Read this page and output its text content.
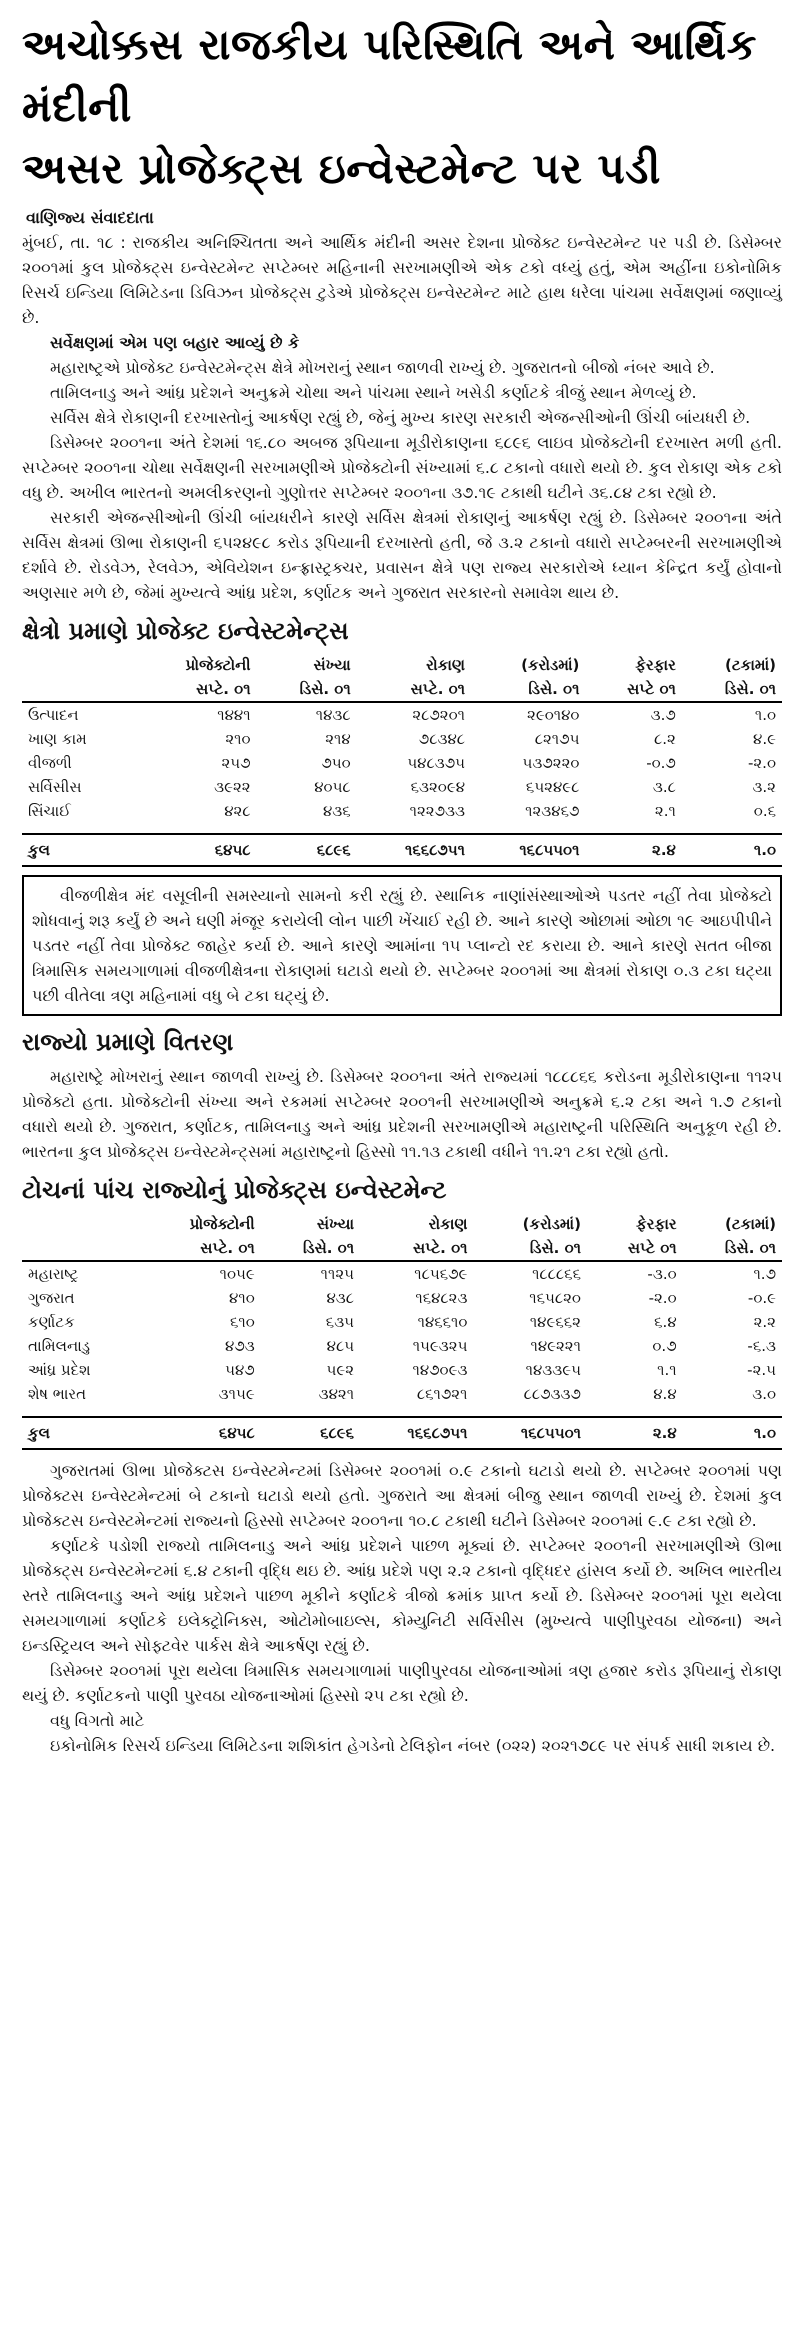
અચોક્કસ રાજકીય પરિસ્થિતિ અને આર્થિક મંદીની
અસર પ્રોજેક્ટ્સ ઇન્વેસ્ટમેન્ટ પર પડી
વાણિજ્ય સંવાદદાતા

મુંબઈ, તા. ૧૮ : રાજકીય અનિશ્ચિતતા અને આર્થિક મંદીની અસર દેશના પ્રોજેક્ટ ઇન્વેસ્ટમેન્ટ પર પડી છે. ડિસેમ્બર ૨૦૦૧માં કુલ પ્રોજેક્ટ્સ ઇન્વેસ્ટમેન્ટ સપ્ટેમ્બર મહિનાની સરખામણીએ એક ટકો વધ્યું હતું, એમ અહીંના ઇકોનોમિક રિસર્ચ ઇન્ડિયા લિમિટેડના ડિવિઝન પ્રોજેક્ટ્સ ટુડેએ પ્રોજેક્ટ્સ ઇન્વેસ્ટમેન્ટ માટે હાથ ધરેલા પાંચમા સર્વેક્ષણમાં જણાવ્યું છે.

સર્વેક્ષણમાં એમ પણ બહાર આવ્યું છે કે

મહારાષ્ટ્રએ પ્રોજેક્ટ ઇન્વેસ્ટમેન્ટ્સ ક્ષેત્રે મોખરાનું સ્થાન જાળવી રાખ્યું છે. ગુજરાતનો બીજો નંબર આવે છે.

તામિલનાડુ અને આંધ્ર પ્રદેશને અનુક્રમે ચોથા અને પાંચમા સ્થાને ખસેડી કર્ણાટકે ત્રીજું સ્થાન મેળવ્યું છે.

સર્વિસ ક્ષેત્રે રોકાણની દરખાસ્તોનું આકર્ષણ રહ્યું છે, જેનું મુખ્ય કારણ સરકારી એજન્સીઓની ઊંચી બાંયધરી છે.

ડિસેમ્બર ૨૦૦૧ના અંતે દેશમાં ૧૬.૮૦ અબજ રૂપિયાના મૂડીરોકાણના ૬૮૯૬ લાઇવ પ્રોજેક્ટોની દરખાસ્ત મળી હતી. સપ્ટેમ્બર ૨૦૦૧ના ચોથા સર્વેક્ષણની સરખામણીએ પ્રોજેક્ટોની સંખ્યામાં ૬.૮ ટકાનો વધારો થયો છે. કુલ રોકાણ એક ટકો વધુ છે. અખીલ ભારતનો અમલીકરણનો ગુણોત્તર સપ્ટેમ્બર ૨૦૦૧ના ૩૭.૧૯ ટકાથી ઘટીને ૩૬.૮૪ ટકા રહ્યો છે.

સરકારી એજન્સીઓની ઊંચી બાંયધરીને કારણે સર્વિસ ક્ષેત્રમાં રોકાણનું આકર્ષણ રહ્યું છે. ડિસેમ્બર ૨૦૦૧ના અંતે સર્વિસ ક્ષેત્રમાં ઊભા રોકાણની ૬૫૨૪૯૮ કરોડ રૂપિયાની દરખાસ્તો હતી, જે ૩.૨ ટકાનો વધારો સપ્ટેમ્બરની સરખામણીએ દર્શાવે છે. રોડવેઝ, રેલવેઝ, એવિયેશન ઇન્ફ્રાસ્ટ્રક્ચર, પ્રવાસન ક્ષેત્રે પણ રાજ્ય સરકારોએ ધ્યાન કેન્દ્રિત કર્યું હોવાનો અણસાર મળે છે, જેમાં મુખ્યત્વે આંધ્ર પ્રદેશ, કર્ણાટક અને ગુજરાત સરકારનો સમાવેશ થાય છે.

ક્ષેત્રો પ્રમાણે પ્રોજેક્ટ ઇન્વેસ્ટમેન્ટ્સ
	પ્રોજેક્ટોની	સંખ્યા	રોકાણ	(કરોડમાં)	ફેરફાર	(ટકામાં)
	સપ્ટે. ૦૧	ડિસે. ૦૧	સપ્ટે. ૦૧	ડિસે. ૦૧	સપ્ટે ૦૧	ડિસે. ૦૧
ઉત્પાદન	૧૪૪૧	૧૪૩૮	૨૮૭૨૦૧	૨૯૦૧૪૦	૩.૭	૧.૦
ખાણ કામ	૨૧૦	૨૧૪	૭૮૩૪૮	૮૨૧૭૫	૮.૨	૪.૯
વીજળી	૨૫૭	૭૫૦	૫૪૮૩૭૫	૫૩૭૨૨૦	-૦.૭	-૨.૦
સર્વિસીસ	૩૯૨૨	૪૦૫૮	૬૩૨૦૯૪	૬૫૨૪૯૮	૩.૮	૩.૨
સિંચાઈ	૪૨૮	૪૩૬	૧૨૨૭૩૩	૧૨૩૪૬૭	૨.૧	૦.૬

કુલ	૬૪૫૮	૬૮૯૬	૧૬૬૮૭૫૧	૧૬૮૫૫૦૧	૨.૪	૧.૦

વીજળીક્ષેત્ર મંદ વસૂલીની સમસ્યાનો સામનો કરી રહ્યું છે. સ્થાનિક નાણાંસંસ્થાઓએ પડતર નહીં તેવા પ્રોજેક્ટો શોધવાનું શરૂ કર્યું છે અને ઘણી મંજૂર કરાયેલી લોન પાછી ખેંચાઈ રહી છે. આને કારણે ઓછામાં ઓછા ૧૯ આઇપીપીને પડતર નહીં તેવા પ્રોજેક્ટ જાહેર કર્યા છે. આને કારણે આમાંના ૧૫ પ્લાન્ટો રદ કરાયા છે. આને કારણે સતત બીજા ત્રિમાસિક સમયગાળામાં વીજળીક્ષેત્રના રોકાણમાં ઘટાડો થયો છે. સપ્ટેમ્બર ૨૦૦૧માં આ ક્ષેત્રમાં રોકાણ ૦.૩ ટકા ઘટ્યા પછી વીતેલા ત્રણ મહિનામાં વધુ બે ટકા ઘટ્યું છે.

રાજ્યો પ્રમાણે વિતરણ

મહારાષ્ટ્રે મોખરાનું સ્થાન જાળવી રાખ્યું છે. ડિસેમ્બર ૨૦૦૧ના અંતે રાજ્યમાં ૧૮૮૮૬૬ કરોડના મૂડીરોકાણના ૧૧૨૫ પ્રોજેક્ટો હતા. પ્રોજેક્ટોની સંખ્યા અને રકમમાં સપ્ટેમ્બર ૨૦૦૧ની સરખામણીએ અનુક્રમે ૬.૨ ટકા અને ૧.૭ ટકાનો વધારો થયો છે. ગુજરાત, કર્ણાટક, તામિલનાડુ અને આંધ્ર પ્રદેશની સરખામણીએ મહારાષ્ટ્રની પરિસ્થિતિ અનુકૂળ રહી છે. ભારતના કુલ પ્રોજેક્ટ્સ ઇન્વેસ્ટમેન્ટ્સમાં મહારાષ્ટ્રનો હિસ્સો ૧૧.૧૩ ટકાથી વધીને ૧૧.૨૧ ટકા રહ્યો હતો.

ટોચનાં પાંચ રાજ્યોનું પ્રોજેક્ટ્સ ઇન્વેસ્ટમેન્ટ
	પ્રોજેક્ટોની	સંખ્યા	રોકાણ	(કરોડમાં)	ફેરફાર	(ટકામાં)
	સપ્ટે. ૦૧	ડિસે. ૦૧	સપ્ટે. ૦૧	ડિસે. ૦૧	સપ્ટે ૦૧	ડિસે. ૦૧
મહારાષ્ટ્ર	૧૦૫૯	૧૧૨૫	૧૮૫૬૭૯	૧૮૮૮૬૬	-૩.૦	૧.૭
ગુજરાત	૪૧૦	૪૩૮	૧૬૪૮૨૩	૧૬૫૮૨૦	-૨.૦	-૦.૯
કર્ણાટક	૬૧૦	૬૩૫	૧૪૬૬૧૦	૧૪૯૬૬૨	૬.૪	૨.૨
તામિલનાડુ	૪૭૩	૪૮૫	૧૫૯૩૨૫	૧૪૯૨૨૧	૦.૭	-૬.૩
આંધ્ર પ્રદેશ	૫૪૭	૫૯૨	૧૪૭૦૯૩	૧૪૩૩૯૫	૧.૧	-૨.૫
શેષ ભારત	૩૧૫૯	૩૪૨૧	૮૬૧૭૨૧	૮૮૭૩૩૭	૪.૪	૩.૦

કુલ	૬૪૫૮	૬૮૯૬	૧૬૬૮૭૫૧	૧૬૮૫૫૦૧	૨.૪	૧.૦

ગુજરાતમાં ઊભા પ્રોજેક્ટસ ઇન્વેસ્ટમેન્ટમાં ડિસેમ્બર ૨૦૦૧માં ૦.૯ ટકાનો ઘટાડો થયો છે. સપ્ટેમ્બર ૨૦૦૧માં પણ પ્રોજેક્ટસ ઇન્વેસ્ટમેન્ટમાં બે ટકાનો ઘટાડો થયો હતો. ગુજરાતે આ ક્ષેત્રમાં બીજુ સ્થાન જાળવી રાખ્યું છે. દેશમાં કુલ પ્રોજેક્ટસ ઇન્વેસ્ટમેન્ટમાં રાજ્યનો હિસ્સો સપ્ટેમ્બર ૨૦૦૧ના ૧૦.૮ ટકાથી ઘટીને ડિસેમ્બર ૨૦૦૧માં ૯.૯ ટકા રહ્યો છે.

કર્ણાટકે પડોશી રાજ્યો તામિલનાડુ અને આંધ્ર પ્રદેશને પાછળ મૂક્યાં છે. સપ્ટેમ્બર ૨૦૦૧ની સરખામણીએ ઊભા પ્રોજેક્ટ્સ ઇન્વેસ્ટમેન્ટમાં ૬.૪ ટકાની વૃદ્ધિ થઇ છે. આંધ્ર પ્રદેશે પણ ૨.૨ ટકાનો વૃદ્ધિદર હાંસલ કર્યો છે. અખિલ ભારતીય સ્તરે તામિલનાડુ અને આંધ્ર પ્રદેશને પાછળ મૂકીને કર્ણાટકે ત્રીજો ક્રમાંક પ્રાપ્ત કર્યો છે. ડિસેમ્બર ૨૦૦૧માં પૂરા થયેલા સમયગાળામાં કર્ણાટકે ઇલેક્ટ્રોનિક્સ, ઓટોમોબાઇલ્સ, કોમ્યુનિટી સર્વિસીસ (મુખ્યત્વે પાણીપુરવઠા યોજના) અને ઇન્ડસ્ટ્રિયલ અને સોફ્ટવેર પાર્કસ ક્ષેત્રે આકર્ષણ રહ્યું છે.

ડિસેમ્બર ૨૦૦૧માં પૂરા થયેલા ત્રિમાસિક સમયગાળામાં પાણીપુરવઠા યોજનાઓમાં ત્રણ હજાર કરોડ રૂપિયાનું રોકાણ થયું છે. કર્ણાટકનો પાણી પુરવઠા યોજનાઓમાં હિસ્સો ૨૫ ટકા રહ્યો છે.

વધુ વિગતો માટે

ઇકોનોમિક રિસર્ચ ઇન્ડિયા લિમિટેડના શશિકાંત હેગડેનો ટેલિફોન નંબર (૦૨૨) ૨૦૨૧૭૮૯ પર સંપર્ક સાધી શકાય છે.
